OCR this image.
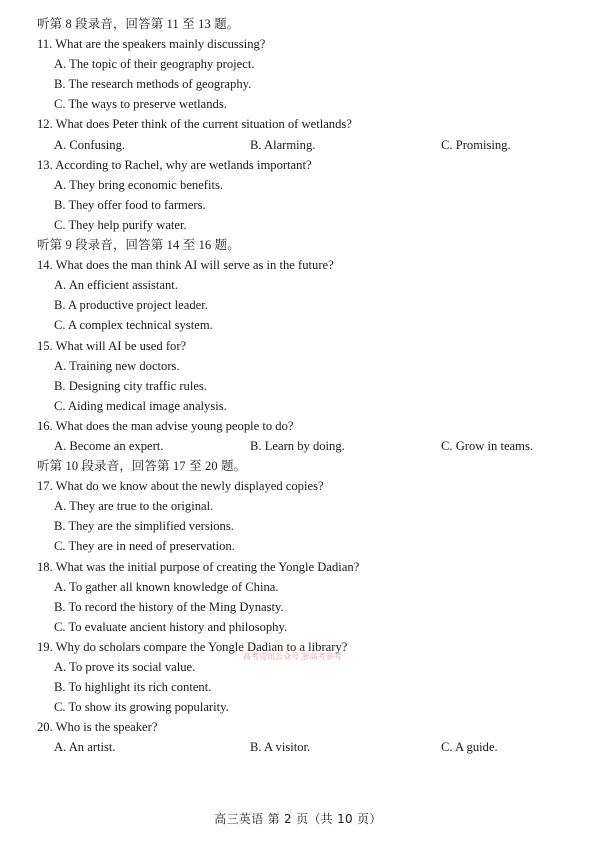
听第 8 段录音，回答第 11 至 13 题。
11. What are the speakers mainly discussing?
A. The topic of their geography project.
B. The research methods of geography.
C. The ways to preserve wetlands.
12. What does Peter think of the current situation of wetlands?
A. Confusing.	B. Alarming.	C. Promising.
13. According to Rachel, why are wetlands important?
A. They bring economic benefits.
B. They offer food to farmers.
C. They help purify water.
听第 9 段录音，回答第 14 至 16 题。
14. What does the man think AI will serve as in the future?
A. An efficient assistant.
B. A productive project leader.
C. A complex technical system.
15. What will AI be used for?
A. Training new doctors.
B. Designing city traffic rules.
C. Aiding medical image analysis.
16. What does the man advise young people to do?
A. Become an expert.	B. Learn by doing.	C. Grow in teams.
听第 10 段录音，回答第 17 至 20 题。
17. What do we know about the newly displayed copies?
A. They are true to the original.
B. They are the simplified versions.
C. They are in need of preservation.
18. What was the initial purpose of creating the Yongle Dadian?
A. To gather all known knowledge of China.
B. To record the history of the Ming Dynasty.
C. To evaluate ancient history and philosophy.
19. Why do scholars compare the Yongle Dadian to a library?
A. To prove its social value.
B. To highlight its rich content.
C. To show its growing popularity.
20. Who is the speaker?
A. An artist.	B. A visitor.	C. A guide.
高考资讯公众号 浙高考参考
高三英语 第 2 页（共 10 页）
